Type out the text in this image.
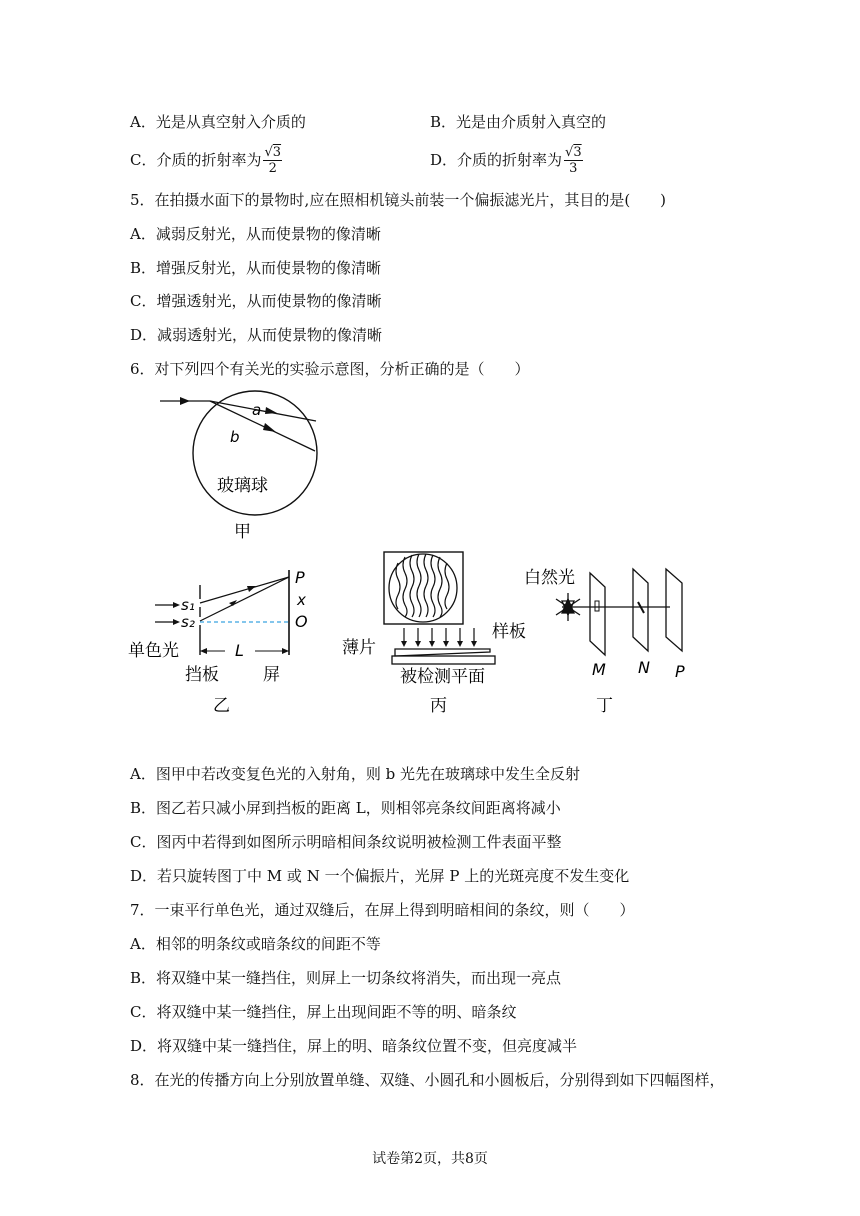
A．光是从真空射入介质的	B．光是由介质射入真空的
C．介质的折射率为 $\frac{√3}{2}$	D．介质的折射率为 $\frac{√3}{3}$
5．在拍摄水面下的景物时,应在照相机镜头前装一个偏振滤光片，其目的是(　　)
A．减弱反射光，从而使景物的像清晰
B．增强反射光，从而使景物的像清晰
C．增强透射光，从而使景物的像清晰
D．减弱透射光，从而使景物的像清晰
6．对下列四个有关光的实验示意图，分析正确的是（　　）
a
b
玻璃球
甲
s₁
s₂
P
x
O
L
单色光
挡板	屏
乙
薄片
样板
被检测平面
丙
白然光
M N P
丁
A．图甲中若改变复色光的入射角，则 b 光先在玻璃球中发生全反射
B．图乙若只减小屏到挡板的距离 L，则相邻亮条纹间距离将减小
C．图丙中若得到如图所示明暗相间条纹说明被检测工件表面平整
D．若只旋转图丁中 M 或 N 一个偏振片，光屏 P 上的光斑亮度不发生变化
7．一束平行单色光，通过双缝后，在屏上得到明暗相间的条纹，则（　　）
A．相邻的明条纹或暗条纹的间距不等
B．将双缝中某一缝挡住，则屏上一切条纹将消失，而出现一亮点
C．将双缝中某一缝挡住，屏上出现间距不等的明、暗条纹
D．将双缝中某一缝挡住，屏上的明、暗条纹位置不变，但亮度减半
8．在光的传播方向上分别放置单缝、双缝、小圆孔和小圆板后，分别得到如下四幅图样，
试卷第2页，共8页
